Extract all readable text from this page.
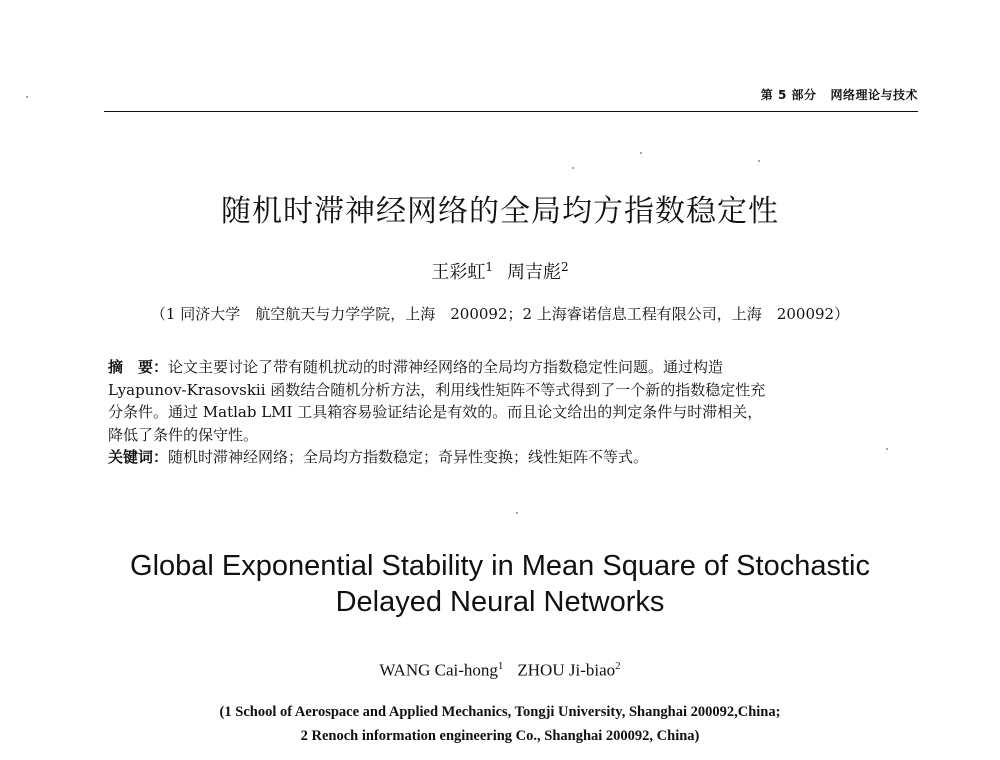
第 5 部分 网络理论与技术
随机时滞神经网络的全局均方指数稳定性
王彩虹$^1$ 周吉彪$^2$
（1 同济大学　航空航天与力学学院，上海　200092；2 上海睿诺信息工程有限公司，上海　200092）
摘　要：论文主要讨论了带有随机扰动的时滞神经网络的全局均方指数稳定性问题。通过构造
Lyapunov-Krasovskii 函数结合随机分析方法，利用线性矩阵不等式得到了一个新的指数稳定性充
分条件。通过 Matlab LMI 工具箱容易验证结论是有效的。而且论文给出的判定条件与时滞相关，
降低了条件的保守性。
关键词：随机时滞神经网络；全局均方指数稳定；奇异性变换；线性矩阵不等式。
Global Exponential Stability in Mean Square of Stochastic
Delayed Neural Networks
WANG Cai-hong$^1$ ZHOU Ji-biao$^2$
(1 School of Aerospace and Applied Mechanics, Tongji University, Shanghai 200092,China;
2 Renoch information engineering Co., Shanghai 200092, China)
